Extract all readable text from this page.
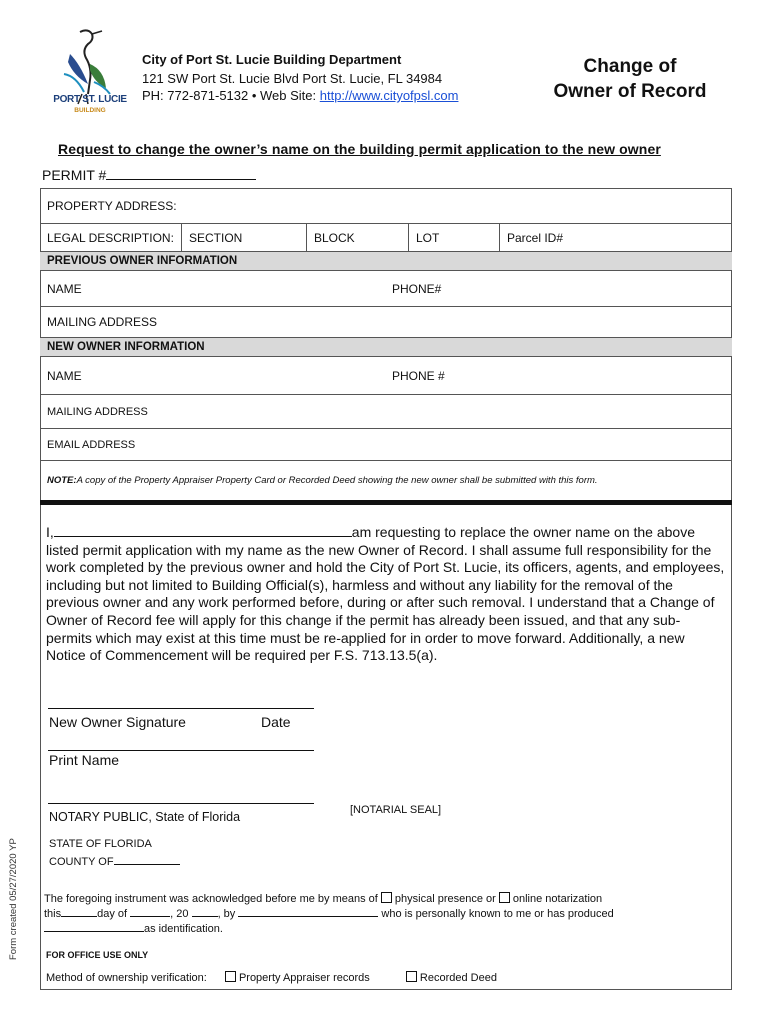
PORT ST. LUCIE
BUILDING
City of Port St. Lucie Building Department
121 SW Port St. Lucie Blvd Port St. Lucie, FL 34984
PH: 772-871-5132 • Web Site: http://www.cityofpsl.com
Change of
Owner of Record
Request to change the owner’s name on the building permit application to the new owner
PERMIT #
PROPERTY ADDRESS:
LEGAL DESCRIPTION:	SECTION	BLOCK	LOT	Parcel ID#
PREVIOUS OWNER INFORMATION
NAME	PHONE#
MAILING ADDRESS
NEW OWNER INFORMATION
NAME	PHONE #
MAILING ADDRESS
EMAIL ADDRESS
NOTE: A copy of the Property Appraiser Property Card or Recorded Deed showing the new owner shall be submitted with this form.
I,	am requesting to replace the owner name on the above listed permit application with my name as the new Owner of Record. I shall assume full responsibility for the work completed by the previous owner and hold the City of Port St. Lucie, its officers, agents, and employees, including but not limited to Building Official(s), harmless and without any liability for the removal of the previous owner and any work performed before, during or after such removal. I understand that a Change of Owner of Record fee will apply for this change if the permit has already been issued, and that any sub- permits which may exist at this time must be re-applied for in order to move forward. Additionally, a new Notice of Commencement will be required per F.S. 713.13.5(a).
New Owner Signature	Date
Print Name
NOTARY PUBLIC, State of Florida	[NOTARIAL SEAL]
STATE OF FLORIDA
COUNTY OF
The foregoing instrument was acknowledged before me by means of physical presence or online notarization
this	day of	, 20 , by	who is personally known to me or has produced
as identification.
FOR OFFICE USE ONLY
Method of ownership verification:	Property Appraiser records	Recorded Deed
Form created 05/27/2020 YP
